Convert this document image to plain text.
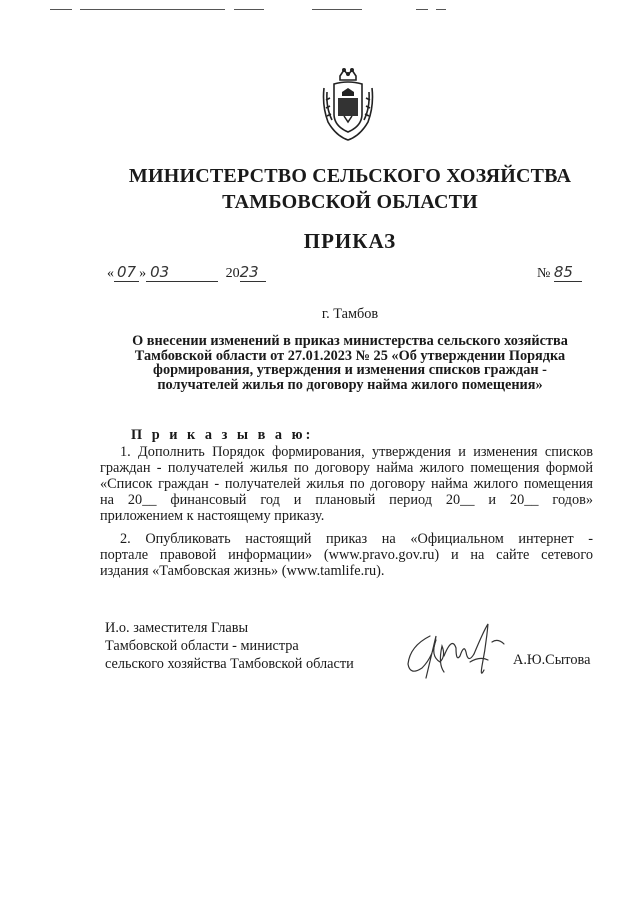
МИНИСТЕРСТВО СЕЛЬСКОГО ХОЗЯЙСТВА
ТАМБОВСКОЙ ОБЛАСТИ
ПРИКАЗ
« 07 » 03	2023	№ 85
г. Тамбов
О внесении изменений в приказ министерства сельского хозяйства
Тамбовской области от 27.01.2023 № 25 «Об утверждении Порядка
формирования, утверждения и изменения списков граждан -
получателей жилья по договору найма жилого помещения»
П р и к а з ы в а ю:
1. Дополнить Порядок формирования, утверждения и изменения списков
граждан - получателей жилья по договору найма жилого помещения формой
«Список граждан - получателей жилья по договору найма жилого помещения
на 20__ финансовый год и плановый период 20__ и 20__ годов»
приложением к настоящему приказу.
2. Опубликовать настоящий приказ на «Официальном интернет -
портале правовой информации» (www.pravo.gov.ru) и на сайте сетевого
издания «Тамбовская жизнь» (www.tamlife.ru).
И.о. заместителя Главы
Тамбовской области - министра
сельского хозяйства Тамбовской области	А.Ю.Сытова
